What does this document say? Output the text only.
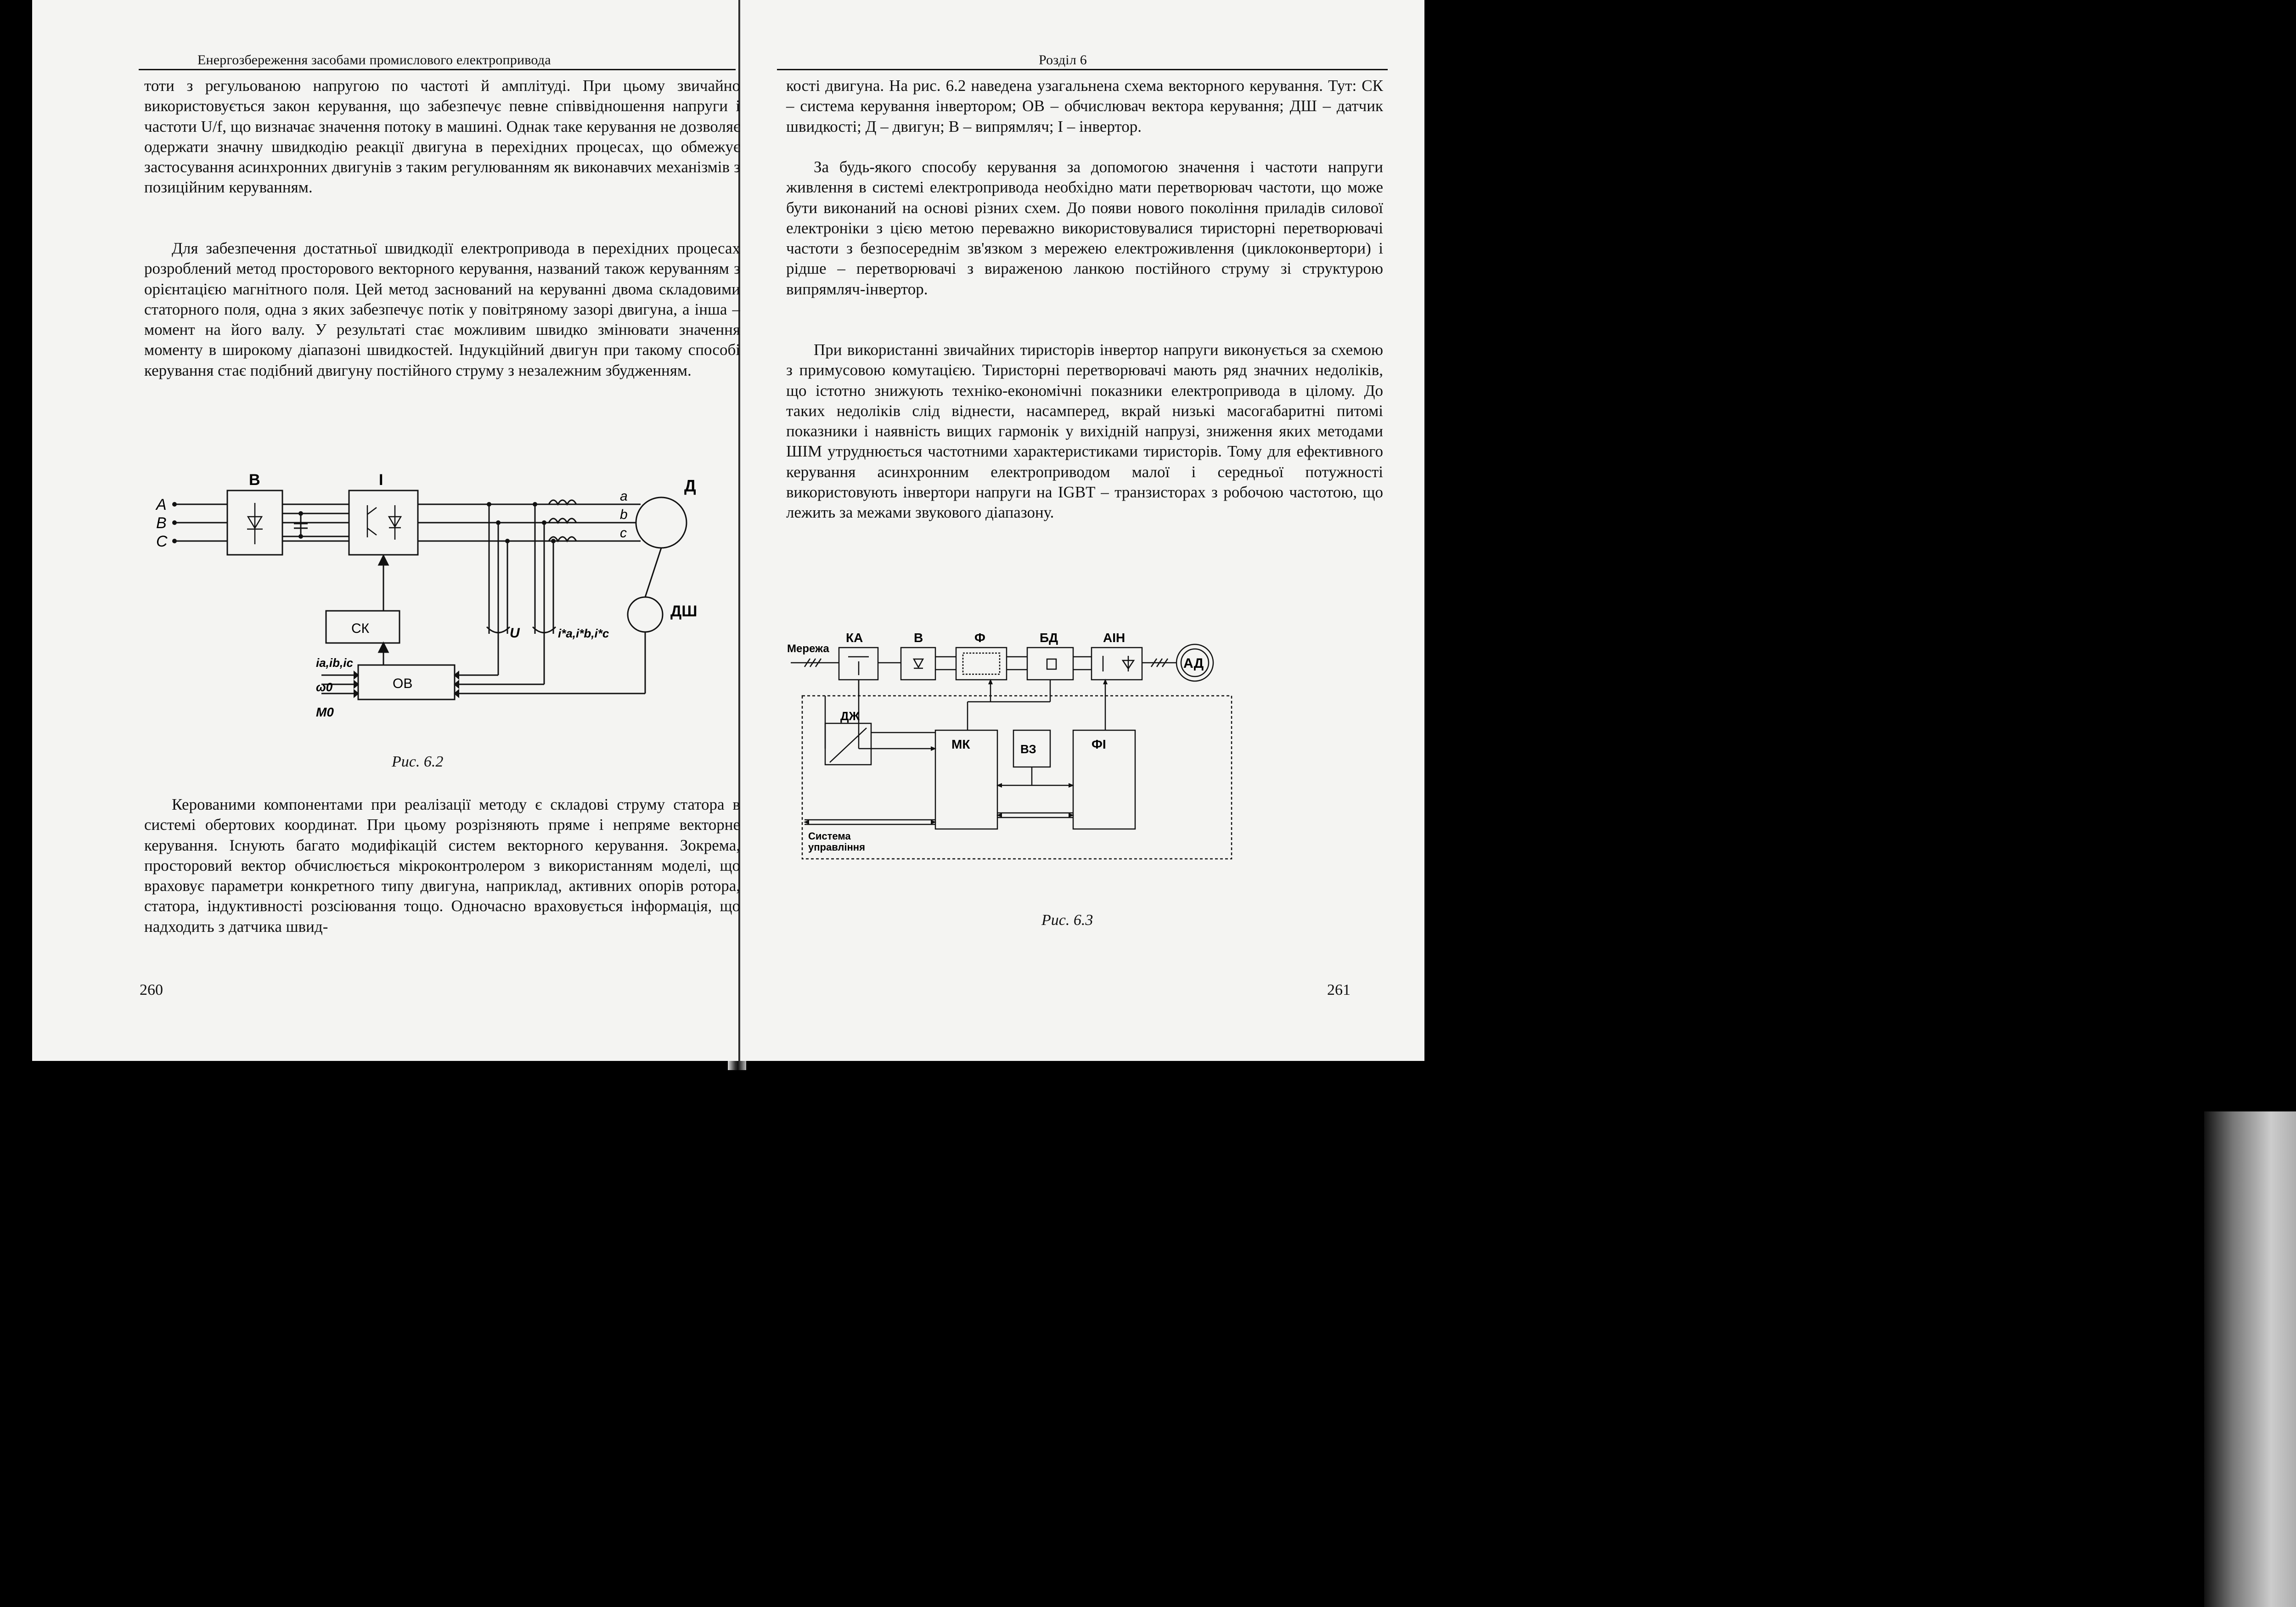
Енергозбереження засобами промислового електропривода

тоти з регульованою напругою по частоті й амплітуді. При цьому звичайно використовується закон керування, що забезпечує певне співвідношення напруги і частоти U/f, що визначає значення потоку в машині. Однак таке керування не дозволяє одержати значну швидкодію реакції двигуна в перехідних процесах, що обмежує застосування асинхронних двигунів з таким регулюванням як виконавчих механізмів з позиційним керуванням.

Для забезпечення достатньої швидкодії електропривода в перехідних процесах розроблений метод просторового векторного керування, названий також керуванням з орієнтацією магнітного поля. Цей метод заснований на керуванні двома складовими статорного поля, одна з яких забезпечує потік у повітряному зазорі двигуна, а інша – момент на його валу. У результаті стає можливим швидко змінювати значення моменту в широкому діапазоні швидкостей. Індукційний двигун при такому способі керування стає подібний двигуну постійного струму з незалежним збудженням.

A
B
C
В	І	Д
ДШ
a
b
c
СК
ОВ
U	i*a,i*b,i*c
ia,ib,ic
ω0
M0
Рис. 6.2

Керованими компонентами при реалізації методу є складові струму статора в системі обертових координат. При цьому розрізняють пряме і непряме векторне керування. Існують багато модифікацій систем векторного керування. Зокрема, просторовий вектор обчислюється мікроконтролером з використанням моделі, що враховує параметри конкретного типу двигуна, наприклад, активних опорів ротора, статора, індуктивності розсіювання тощо. Одночасно враховується інформація, що надходить з датчика швид-

260
Розділ 6

кості двигуна. На рис. 6.2 наведена узагальнена схема векторного керування. Тут: СК – система керування інвертором; ОВ – обчислювач вектора керування; ДШ – датчик швидкості; Д – двигун; В – випрямляч; І – інвертор.

За будь-якого способу керування за допомогою значення і частоти напруги живлення в системі електропривода необхідно мати перетворювач частоти, що може бути виконаний на основі різних схем. До появи нового покоління приладів силової електроніки з цією метою переважно використовувалися тиристорні перетворювачі частоти з безпосереднім зв'язком з мережею електроживлення (циклоконвертори) і рідше – перетворювачі з вираженою ланкою постійного струму зі структурою випрямляч-інвертор.

При використанні звичайних тиристорів інвертор напруги виконується за схемою з примусовою комутацією. Тиристорні перетворювачі мають ряд значних недоліків, що істотно знижують техніко-економічні показники електропривода в цілому. До таких недоліків слід віднести, насамперед, вкрай низькі масогабаритні питомі показники і наявність вищих гармонік у вихідній напрузі, зниження яких методами ШІМ утруднюється частотними характеристиками тиристорів. Тому для ефективного керування асинхронним електроприводом малої і середньої потужності використовують інвертори напруги на IGBT – транзисторах з робочою частотою, що лежить за межами звукового діапазону.

Мережа
КА	В	Ф	БД	АІН
АД
ДЖ
МК	ВЗ	ФІ
Система
управління
Рис. 6.3
261
